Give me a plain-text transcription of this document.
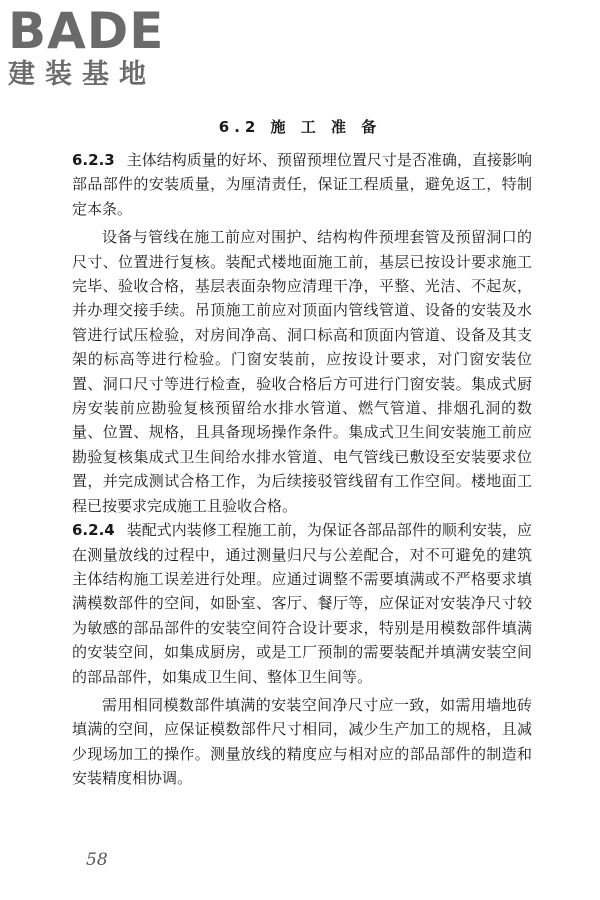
BADE
建装基地
6.2 施 工 准 备

6.2.3 主体结构质量的好坏、预留预埋位置尺寸是否准确，直接影响部品部件的安装质量，为厘清责任，保证工程质量，避免返工，特制定本条。

设备与管线在施工前应对围护、结构构件预埋套管及预留洞口的尺寸、位置进行复核。装配式楼地面施工前，基层已按设计要求施工完毕、验收合格，基层表面杂物应清理干净，平整、光洁、不起灰，并办理交接手续。吊顶施工前应对顶面内管线管道、设备的安装及水管进行试压检验，对房间净高、洞口标高和顶面内管道、设备及其支架的标高等进行检验。门窗安装前，应按设计要求，对门窗安装位置、洞口尺寸等进行检查，验收合格后方可进行门窗安装。集成式厨房安装前应勘验复核预留给水排水管道、燃气管道、排烟孔洞的数量、位置、规格，且具备现场操作条件。集成式卫生间安装施工前应勘验复核集成式卫生间给水排水管道、电气管线已敷设至安装要求位置，并完成测试合格工作，为后续接驳管线留有工作空间。楼地面工程已按要求完成施工且验收合格。

6.2.4 装配式内装修工程施工前，为保证各部品部件的顺利安装，应在测量放线的过程中，通过测量归尺与公差配合，对不可避免的建筑主体结构施工误差进行处理。应通过调整不需要填满或不严格要求填满模数部件的空间，如卧室、客厅、餐厅等，应保证对安装净尺寸较为敏感的部品部件的安装空间符合设计要求，特别是用模数部件填满的安装空间，如集成厨房，或是工厂预制的需要装配并填满安装空间的部品部件，如集成卫生间、整体卫生间等。

需用相同模数部件填满的安装空间净尺寸应一致，如需用墙地砖填满的空间，应保证模数部件尺寸相同，减少生产加工的规格，且减少现场加工的操作。测量放线的精度应与相对应的部品部件的制造和安装精度相协调。

58
